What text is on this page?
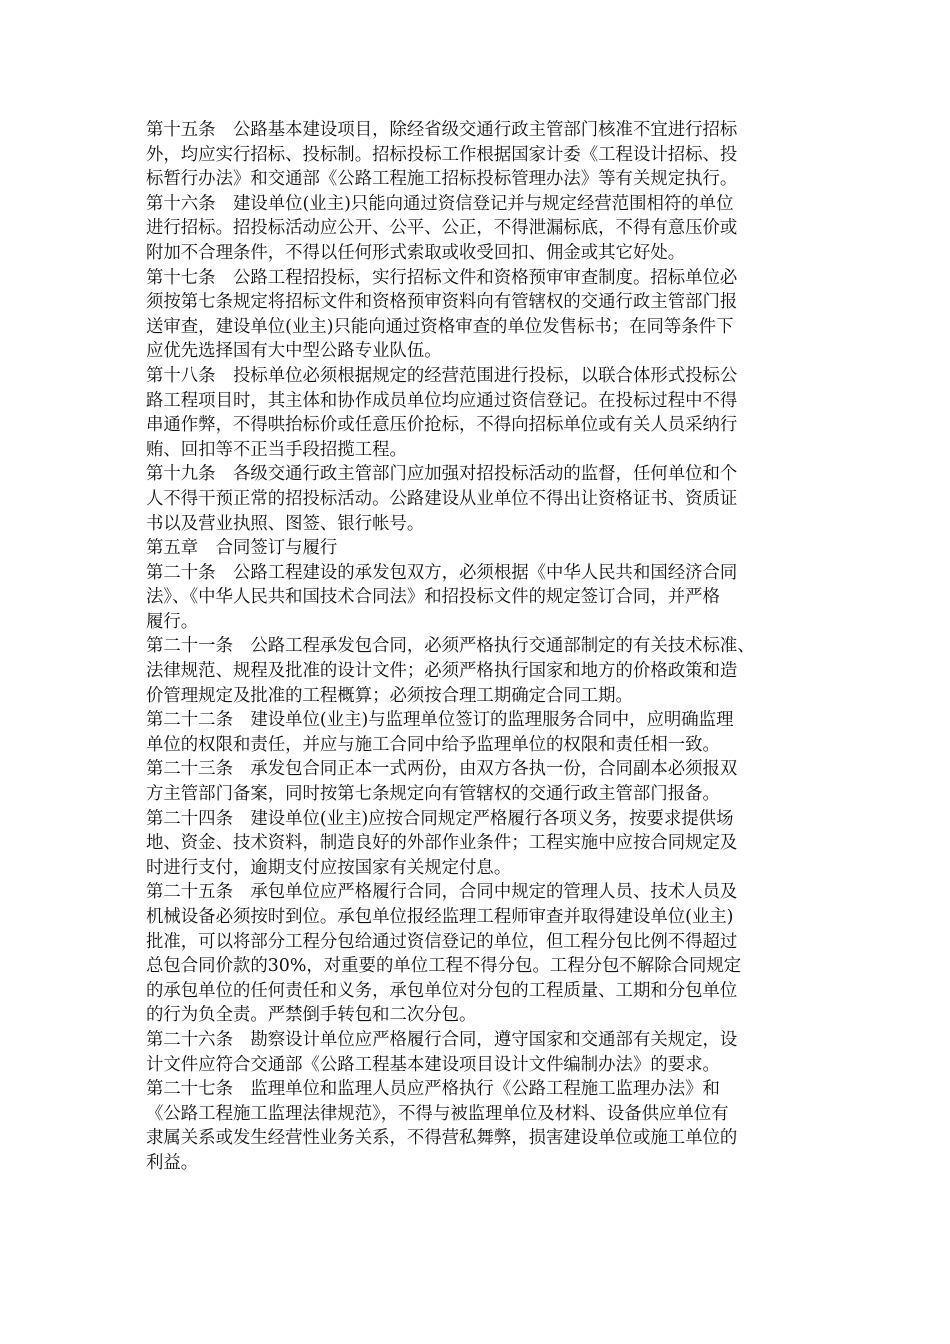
第十五条　公路基本建设项目，除经省级交通行政主管部门核准不宜进行招标
外，均应实行招标、投标制。招标投标工作根据国家计委《工程设计招标、投
标暂行办法》和交通部《公路工程施工招标投标管理办法》等有关规定执行。
第十六条　建设单位(业主)只能向通过资信登记并与规定经营范围相符的单位
进行招标。招投标活动应公开、公平、公正，不得泄漏标底，不得有意压价或
附加不合理条件，不得以任何形式索取或收受回扣、佣金或其它好处。
第十七条　公路工程招投标，实行招标文件和资格预审审查制度。招标单位必
须按第七条规定将招标文件和资格预审资料向有管辖权的交通行政主管部门报
送审查，建设单位(业主)只能向通过资格审查的单位发售标书；在同等条件下
应优先选择国有大中型公路专业队伍。
第十八条　投标单位必须根据规定的经营范围进行投标，以联合体形式投标公
路工程项目时，其主体和协作成员单位均应通过资信登记。在投标过程中不得
串通作弊，不得哄抬标价或任意压价抢标，不得向招标单位或有关人员采纳行
贿、回扣等不正当手段招揽工程。
第十九条　各级交通行政主管部门应加强对招投标活动的监督，任何单位和个
人不得干预正常的招投标活动。公路建设从业单位不得出让资格证书、资质证
书以及营业执照、图签、银行帐号。
第五章　合同签订与履行
第二十条　公路工程建设的承发包双方，必须根据《中华人民共和国经济合同
法》、《中华人民共和国技术合同法》和招投标文件的规定签订合同，并严格
履行。
第二十一条　公路工程承发包合同，必须严格执行交通部制定的有关技术标准、
法律规范、规程及批准的设计文件；必须严格执行国家和地方的价格政策和造
价管理规定及批准的工程概算；必须按合理工期确定合同工期。
第二十二条　建设单位(业主)与监理单位签订的监理服务合同中，应明确监理
单位的权限和责任，并应与施工合同中给予监理单位的权限和责任相一致。
第二十三条　承发包合同正本一式两份，由双方各执一份，合同副本必须报双
方主管部门备案，同时按第七条规定向有管辖权的交通行政主管部门报备。
第二十四条　建设单位(业主)应按合同规定严格履行各项义务，按要求提供场
地、资金、技术资料，制造良好的外部作业条件；工程实施中应按合同规定及
时进行支付，逾期支付应按国家有关规定付息。
第二十五条　承包单位应严格履行合同，合同中规定的管理人员、技术人员及
机械设备必须按时到位。承包单位报经监理工程师审查并取得建设单位(业主)
批准，可以将部分工程分包给通过资信登记的单位，但工程分包比例不得超过
总包合同价款的30%，对重要的单位工程不得分包。工程分包不解除合同规定
的承包单位的任何责任和义务，承包单位对分包的工程质量、工期和分包单位
的行为负全责。严禁倒手转包和二次分包。
第二十六条　勘察设计单位应严格履行合同，遵守国家和交通部有关规定，设
计文件应符合交通部《公路工程基本建设项目设计文件编制办法》的要求。
第二十七条　监理单位和监理人员应严格执行《公路工程施工监理办法》和
《公路工程施工监理法律规范》，不得与被监理单位及材料、设备供应单位有
隶属关系或发生经营性业务关系，不得营私舞弊，损害建设单位或施工单位的
利益。
